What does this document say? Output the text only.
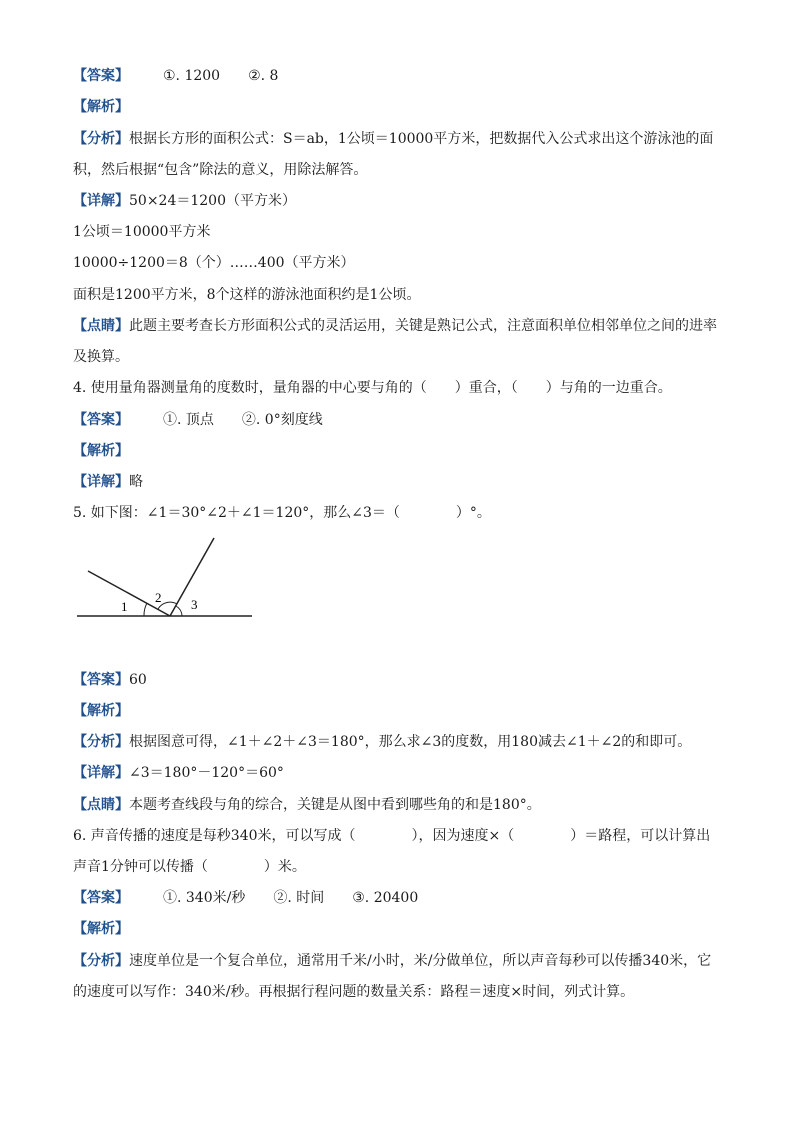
【答案】 ①. 1200 ②. 8
【解析】
【分析】根据长方形的面积公式：S＝ab，1公顷＝10000平方米，把数据代入公式求出这个游泳池的面
积，然后根据“包含”除法的意义，用除法解答。
【详解】50×24＝1200（平方米）
1公顷＝10000平方米
10000÷1200＝8（个）……400（平方米）
面积是1200平方米，8个这样的游泳池面积约是1公顷。
【点睛】此题主要考查长方形面积公式的灵活运用，关键是熟记公式，注意面积单位相邻单位之间的进率
及换算。
4. 使用量角器测量角的度数时，量角器的中心要与角的（　　）重合，（　　）与角的一边重合。
【答案】 ①. 顶点 ②. 0°刻度线
【解析】
【详解】略
5. 如下图：∠1＝30°∠2＋∠1＝120°，那么∠3＝（　　　　）°。
1
2 3
【答案】60
【解析】
【分析】根据图意可得，∠1＋∠2＋∠3＝180°，那么求∠3的度数，用180减去∠1＋∠2的和即可。
【详解】∠3＝180°－120°＝60°
【点睛】本题考查线段与角的综合，关键是从图中看到哪些角的和是180°。
6. 声音传播的速度是每秒340米，可以写成（　　　　），因为速度×（　　　　）＝路程，可以计算出
声音1分钟可以传播（　　　　）米。
【答案】 ①. 340米/秒 ②. 时间 ③. 20400
【解析】
【分析】速度单位是一个复合单位，通常用千米/小时，米/分做单位，所以声音每秒可以传播340米，它
的速度可以写作：340米/秒。再根据行程问题的数量关系：路程＝速度×时间，列式计算。
